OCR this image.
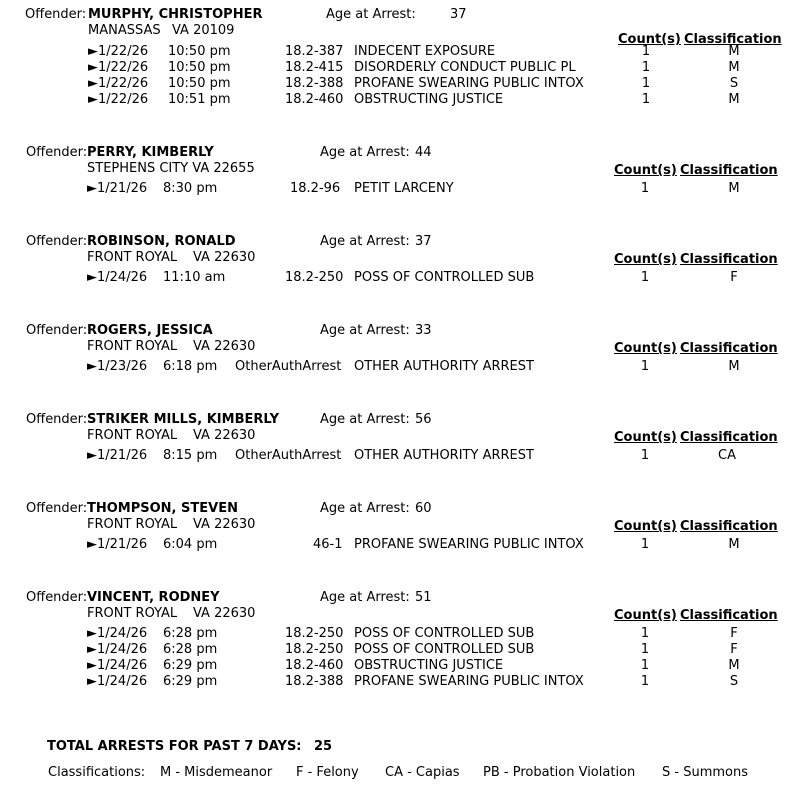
Offender: MURPHY, CHRISTOPHER	Age at Arrest:	37
MANASSAS VA 20109
Count(s) Classification
► 1/22/26 10:50 pm	18.2-387 INDECENT EXPOSURE	1	M
► 1/22/26 10:50 pm	18.2-415 DISORDERLY CONDUCT PUBLIC PL	1	M
► 1/22/26 10:50 pm	18.2-388 PROFANE SWEARING PUBLIC INTOX	1	S
► 1/22/26 10:51 pm	18.2-460 OBSTRUCTING JUSTICE	1	M
Offender: PERRY, KIMBERLY	Age at Arrest: 44
STEPHENS CITY VA 22655	Count(s) Classification
► 1/21/26 8:30 pm	18.2-96 PETIT LARCENY	1	M
Offender: ROBINSON, RONALD	Age at Arrest: 37
FRONT ROYAL VA 22630	Count(s) Classification
► 1/24/26 11:10 am	18.2-250 POSS OF CONTROLLED SUB	1	F
Offender: ROGERS, JESSICA	Age at Arrest: 33
FRONT ROYAL VA 22630	Count(s) Classification
► 1/23/26 6:18 pm OtherAuthArrest OTHER AUTHORITY ARREST	1	M
Offender: STRIKER MILLS, KIMBERLY	Age at Arrest: 56
FRONT ROYAL VA 22630	Count(s) Classification
► 1/21/26 8:15 pm OtherAuthArrest OTHER AUTHORITY ARREST	1	CA
Offender: THOMPSON, STEVEN	Age at Arrest: 60
FRONT ROYAL VA 22630	Count(s) Classification
► 1/21/26 6:04 pm	46-1 PROFANE SWEARING PUBLIC INTOX	1	M
Offender: VINCENT, RODNEY	Age at Arrest: 51
FRONT ROYAL VA 22630	Count(s) Classification
► 1/24/26 6:28 pm	18.2-250 POSS OF CONTROLLED SUB	1	F
► 1/24/26 6:28 pm	18.2-250 POSS OF CONTROLLED SUB	1	F
► 1/24/26 6:29 pm	18.2-460 OBSTRUCTING JUSTICE	1	M
► 1/24/26 6:29 pm	18.2-388 PROFANE SWEARING PUBLIC INTOX	1	S
TOTAL ARRESTS FOR PAST 7 DAYS: 25
Classifications: M - Misdemeanor F - Felony CA - Capias PB - Probation Violation S - Summons
